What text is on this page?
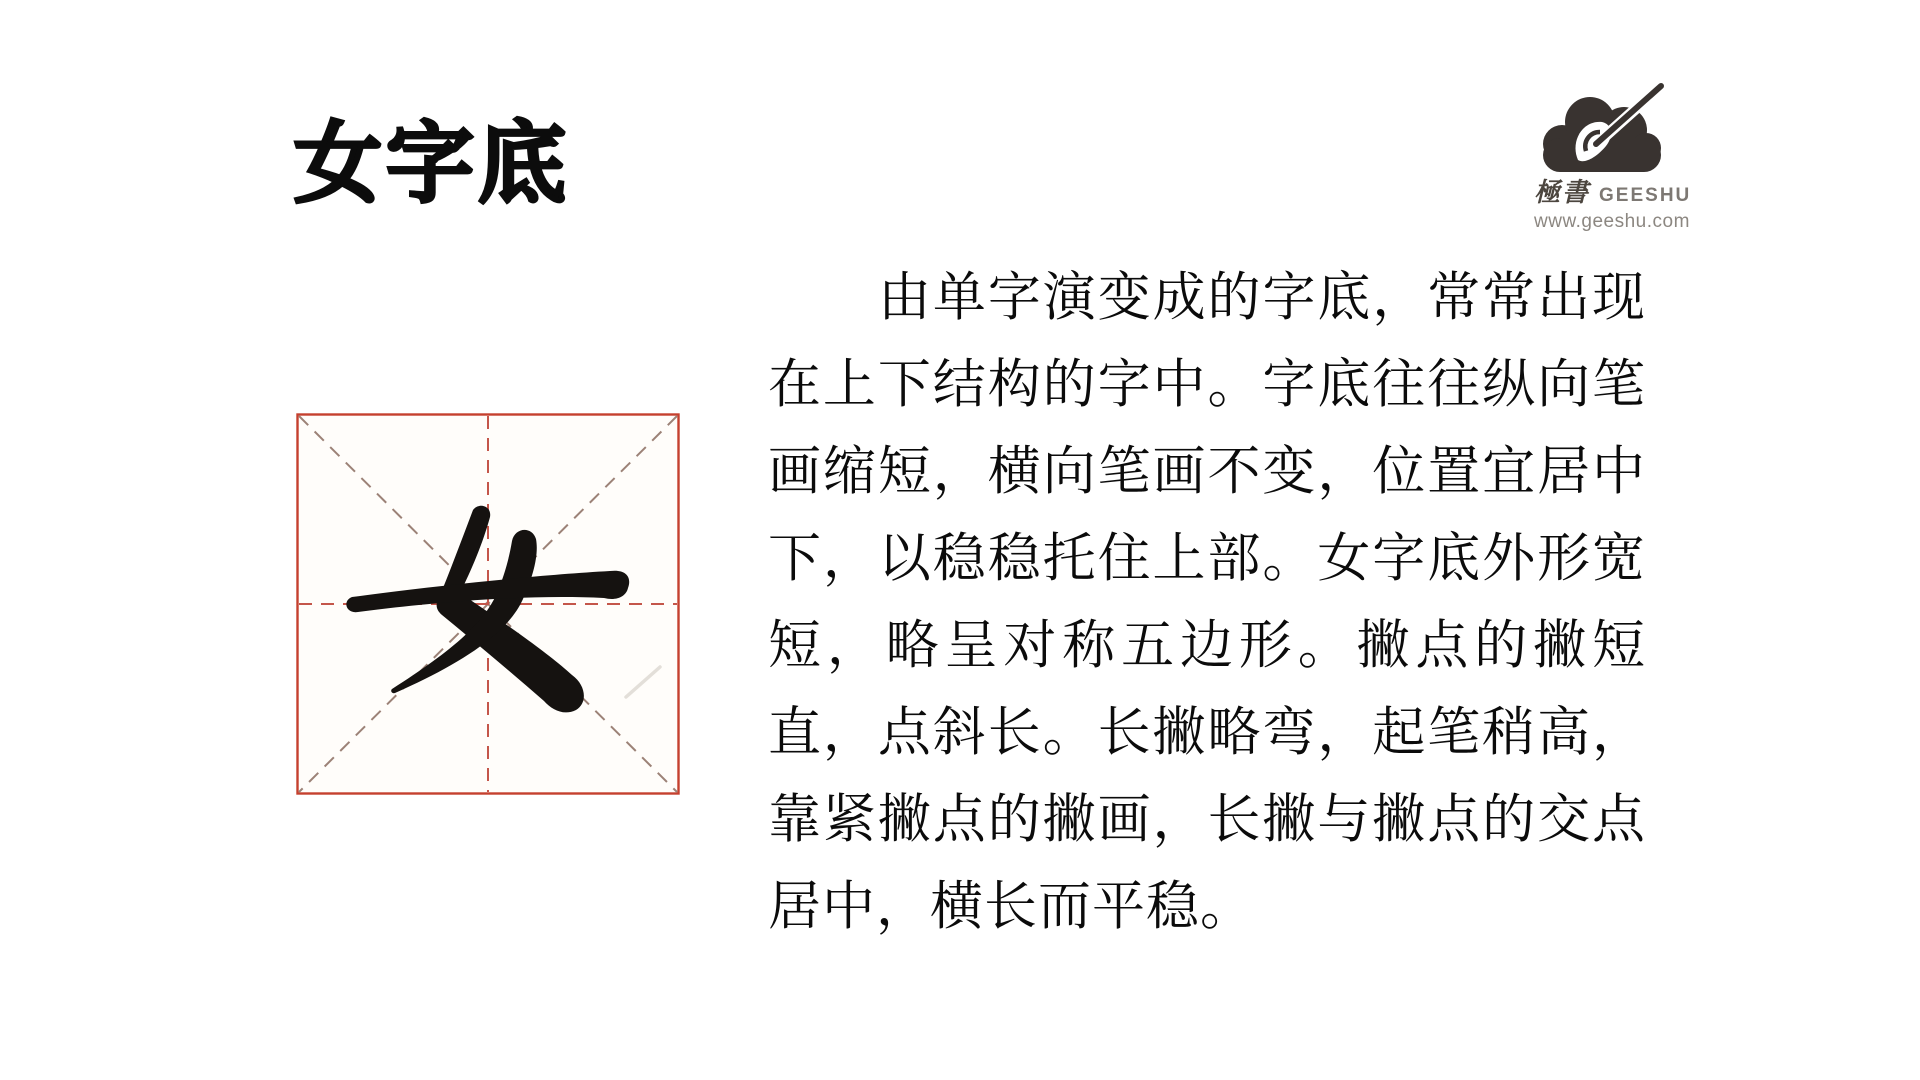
女字底	極書 GEESHU
www.geeshu.com
由单字演变成的字底，常常出现在上下结构的字中。字底往往纵向笔画缩短，横向笔画不变，位置宜居中下，以稳稳托住上部。女字底外形宽短，略呈对称五边形。撇点的撇短直，点斜长。长撇略弯，起笔稍高，靠紧撇点的撇画，长撇与撇点的交点居中，横长而平稳。
